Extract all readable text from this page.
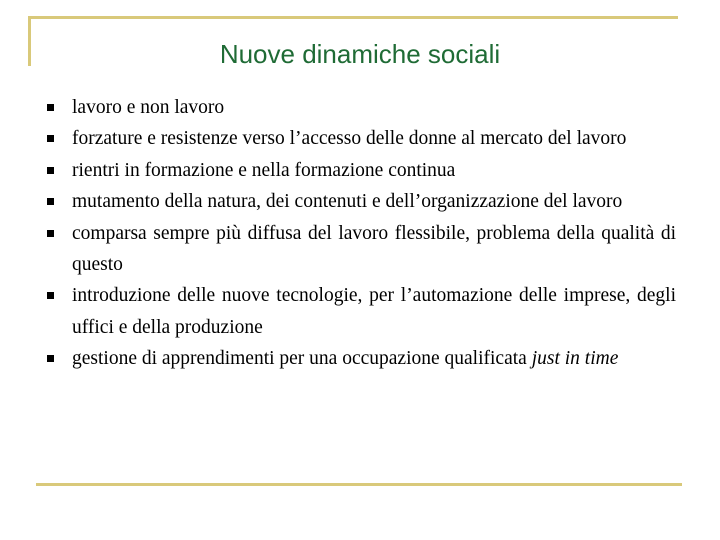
Nuove dinamiche sociali
lavoro e non lavoro
forzature e resistenze verso l’accesso delle donne al mercato del lavoro
rientri in formazione e nella formazione continua
mutamento della natura, dei contenuti e dell’organizzazione del lavoro
comparsa sempre più diffusa del lavoro flessibile, problema della qualità di questo
introduzione delle nuove tecnologie, per l’automazione delle imprese, degli uffici e della produzione
gestione di apprendimenti per una occupazione qualificata just in time
